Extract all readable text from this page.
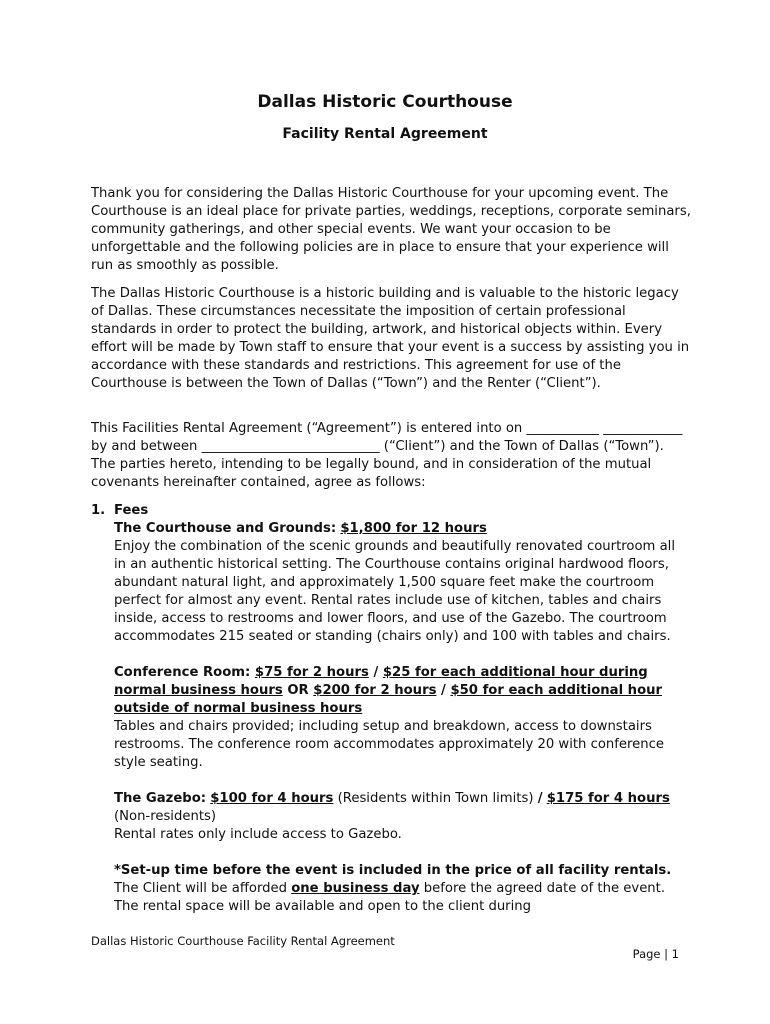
Dallas Historic Courthouse
Facility Rental Agreement

Thank you for considering the Dallas Historic Courthouse for your upcoming event. The Courthouse is an ideal place for private parties, weddings, receptions, corporate seminars, community gatherings, and other special events. We want your occasion to be unforgettable and the following policies are in place to ensure that your experience will run as smoothly as possible.

The Dallas Historic Courthouse is a historic building and is valuable to the historic legacy of Dallas. These circumstances necessitate the imposition of certain professional standards in order to protect the building, artwork, and historical objects within. Every effort will be made by Town staff to ensure that your event is a success by assisting you in accordance with these standards and restrictions. This agreement for use of the Courthouse is between the Town of Dallas (“Town”) and the Renter (“Client”).

This Facilities Rental Agreement (“Agreement”) is entered into on ___________ ____________ by and between ___________________________ (“Client”) and the Town of Dallas (“Town”). The parties hereto, intending to be legally bound, and in consideration of the mutual covenants hereinafter contained, agree as follows:

1. Fees
The Courthouse and Grounds: $1,800 for 12 hours
Enjoy the combination of the scenic grounds and beautifully renovated courtroom all in an authentic historical setting. The Courthouse contains original hardwood floors, abundant natural light, and approximately 1,500 square feet make the courtroom perfect for almost any event. Rental rates include use of kitchen, tables and chairs inside, access to restrooms and lower floors, and use of the Gazebo. The courtroom accommodates 215 seated or standing (chairs only) and 100 with tables and chairs.
Conference Room: $75 for 2 hours / $25 for each additional hour during normal business hours OR $200 for 2 hours / $50 for each additional hour outside of normal business hours
Tables and chairs provided; including setup and breakdown, access to downstairs restrooms. The conference room accommodates approximately 20 with conference style seating.
The Gazebo: $100 for 4 hours (Residents within Town limits) / $175 for 4 hours (Non-residents)
Rental rates only include access to Gazebo.
*Set-up time before the event is included in the price of all facility rentals. The Client will be afforded one business day before the agreed date of the event. The rental space will be available and open to the client during
Dallas Historic Courthouse Facility Rental Agreement
Page | 1
